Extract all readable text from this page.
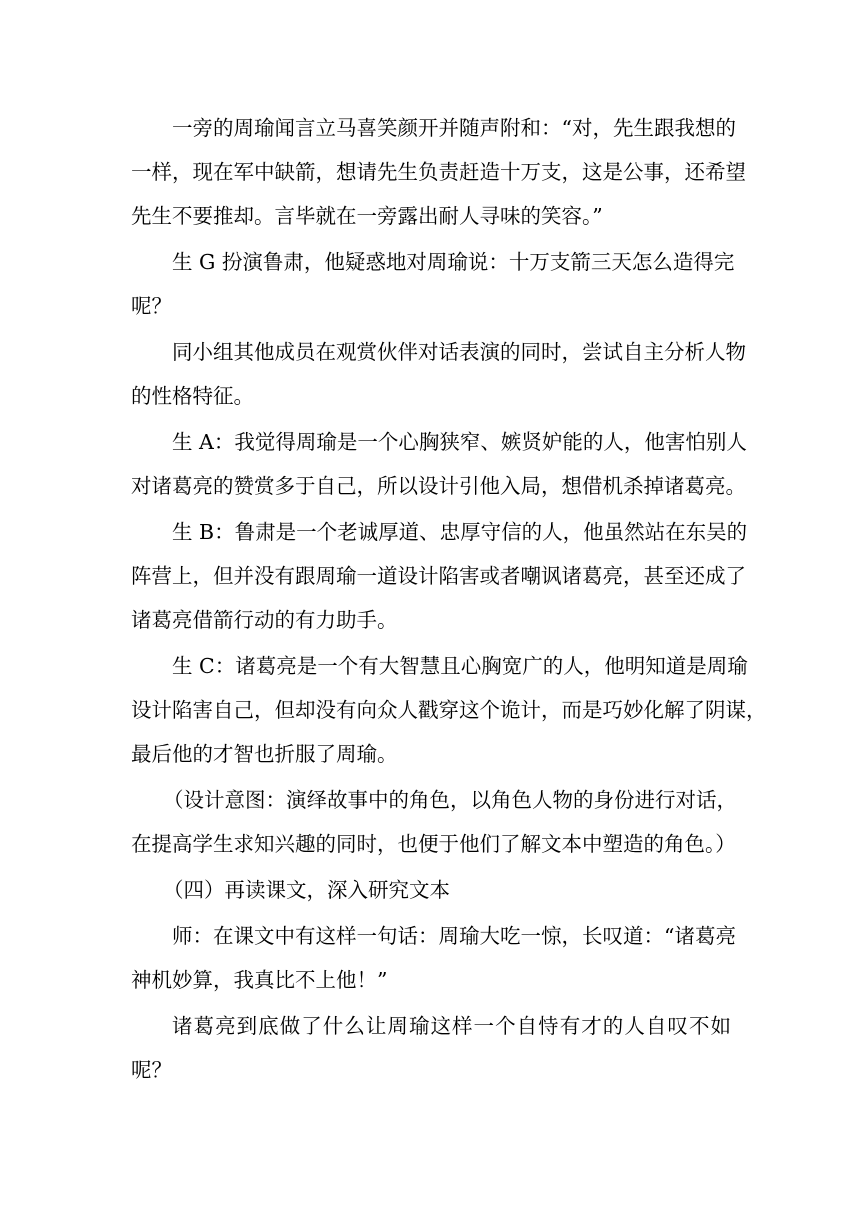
一旁的周瑜闻言立马喜笑颜开并随声附和：“对，先生跟我想的
一样，现在军中缺箭，想请先生负责赶造十万支，这是公事，还希望
先生不要推却。言毕就在一旁露出耐人寻味的笑容。”
生 G 扮演鲁肃，他疑惑地对周瑜说：十万支箭三天怎么造得完
呢？
同小组其他成员在观赏伙伴对话表演的同时，尝试自主分析人物
的性格特征。
生 A：我觉得周瑜是一个心胸狭窄、嫉贤妒能的人，他害怕别人
对诸葛亮的赞赏多于自己，所以设计引他入局，想借机杀掉诸葛亮。
生 B：鲁肃是一个老诚厚道、忠厚守信的人，他虽然站在东吴的
阵营上，但并没有跟周瑜一道设计陷害或者嘲讽诸葛亮，甚至还成了
诸葛亮借箭行动的有力助手。
生 C：诸葛亮是一个有大智慧且心胸宽广的人，他明知道是周瑜
设计陷害自己，但却没有向众人戳穿这个诡计，而是巧妙化解了阴谋，
最后他的才智也折服了周瑜。
（设计意图：演绎故事中的角色，以角色人物的身份进行对话，
在提高学生求知兴趣的同时，也便于他们了解文本中塑造的角色。）
（四）再读课文，深入研究文本
师：在课文中有这样一句话：周瑜大吃一惊，长叹道：“诸葛亮
神机妙算，我真比不上他！”
诸葛亮到底做了什么让周瑜这样一个自恃有才的人自叹不如
呢？
